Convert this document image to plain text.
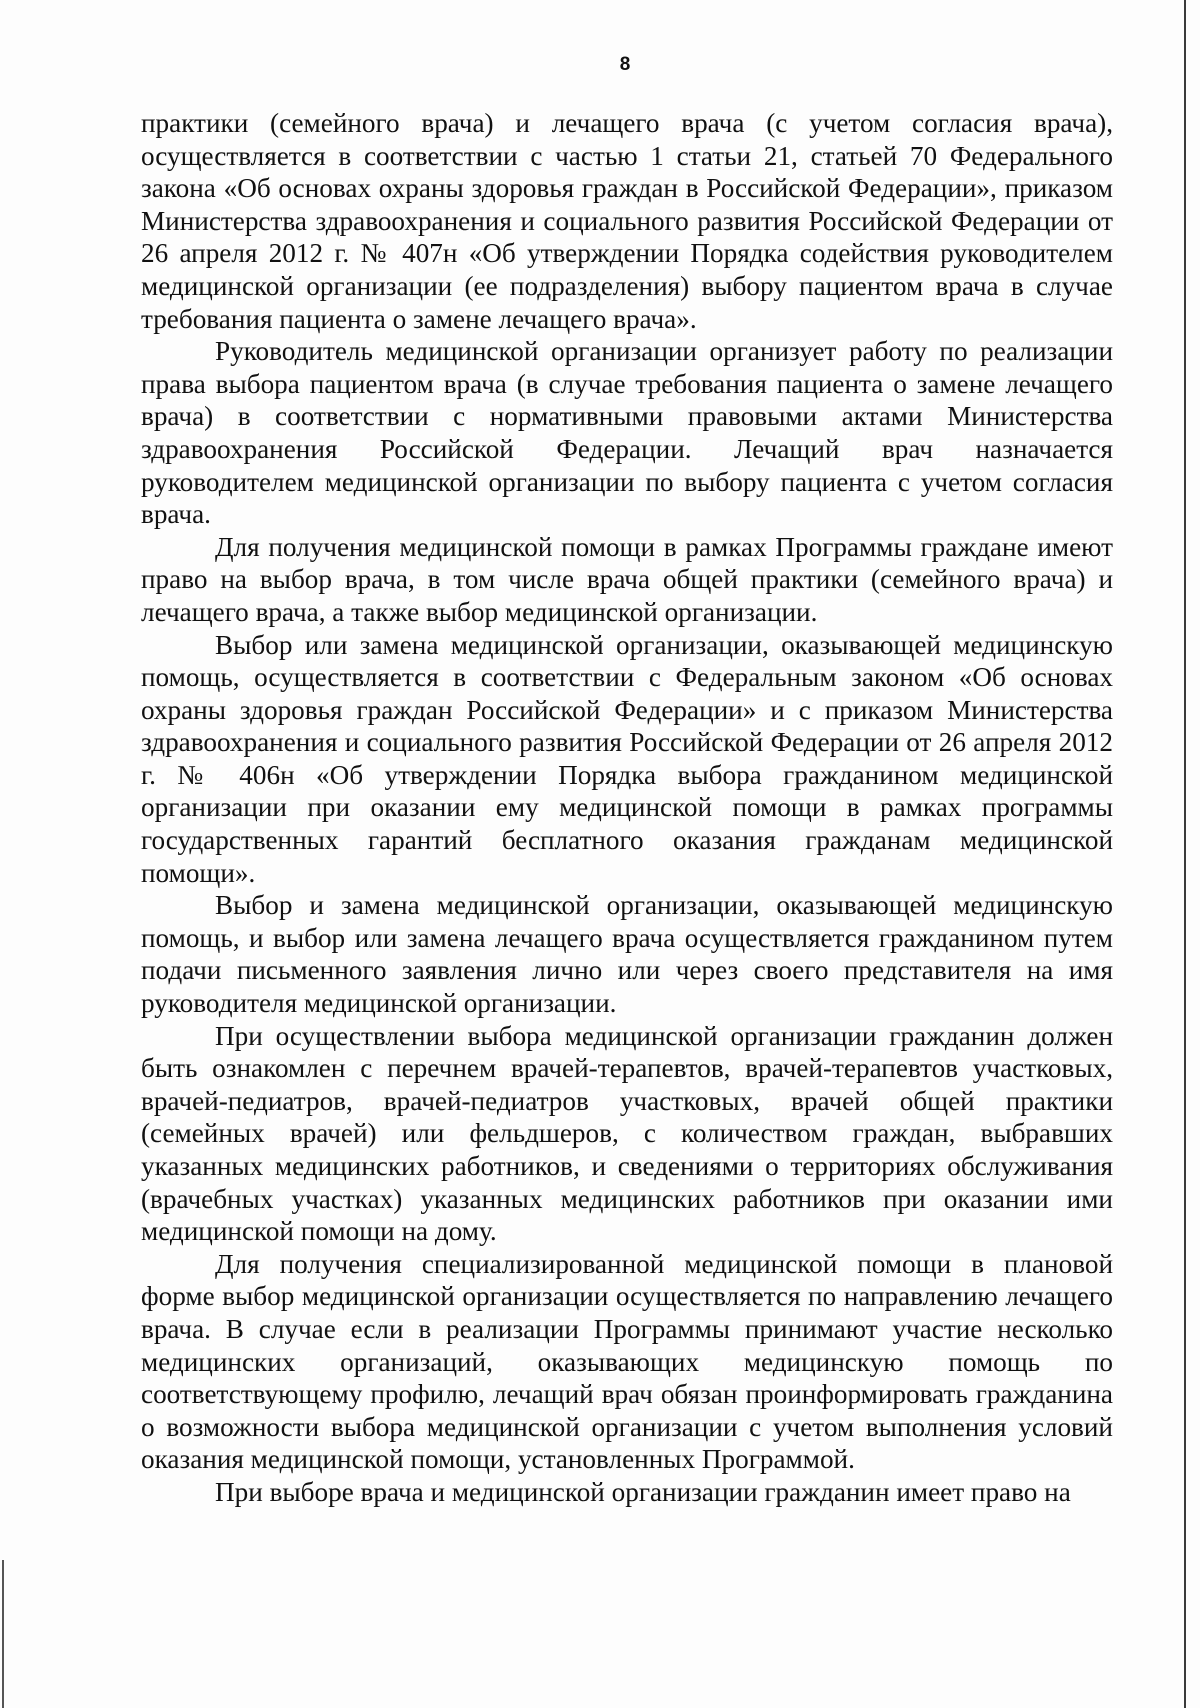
8

практики (семейного врача) и лечащего врача (с учетом согласия врача), осуществляется в соответствии с частью 1 статьи 21, статьей 70 Федерального закона «Об основах охраны здоровья граждан в Российской Федерации», приказом Министерства здравоохранения и социального развития Российской Федерации от 26 апреля 2012 г. № 407н «Об утверждении Порядка содействия руководителем медицинской организации (ее подразделения) выбору пациентом врача в случае требования пациента о замене лечащего врача».

Руководитель медицинской организации организует работу по реализации права выбора пациентом врача (в случае требования пациента о замене лечащего врача) в соответствии с нормативными правовыми актами Министерства здравоохранения Российской Федерации. Лечащий врач назначается руководителем медицинской организации по выбору пациента с учетом согласия врача.

Для получения медицинской помощи в рамках Программы граждане имеют право на выбор врача, в том числе врача общей практики (семейного врача) и лечащего врача, а также выбор медицинской организации.

Выбор или замена медицинской организации, оказывающей медицинскую помощь, осуществляется в соответствии с Федеральным законом «Об основах охраны здоровья граждан Российской Федерации» и с приказом Министерства здравоохранения и социального развития Российской Федерации от 26 апреля 2012 г. № 406н «Об утверждении Порядка выбора гражданином медицинской организации при оказании ему медицинской помощи в рамках программы государственных гарантий бесплатного оказания гражданам медицинской помощи».

Выбор и замена медицинской организации, оказывающей медицинскую помощь, и выбор или замена лечащего врача осуществляется гражданином путем подачи письменного заявления лично или через своего представителя на имя руководителя медицинской организации.

При осуществлении выбора медицинской организации гражданин должен быть ознакомлен с перечнем врачей-терапевтов, врачей-терапевтов участковых, врачей-педиатров, врачей-педиатров участковых, врачей общей практики (семейных врачей) или фельдшеров, с количеством граждан, выбравших указанных медицинских работников, и сведениями о территориях обслуживания (врачебных участках) указанных медицинских работников при оказании ими медицинской помощи на дому.

Для получения специализированной медицинской помощи в плановой форме выбор медицинской организации осуществляется по направлению лечащего врача. В случае если в реализации Программы принимают участие несколько медицинских организаций, оказывающих медицинскую помощь по соответствующему профилю, лечащий врач обязан проинформировать гражданина о возможности выбора медицинской организации с учетом выполнения условий оказания медицинской помощи, установленных Программой.

При выборе врача и медицинской организации гражданин имеет право на
